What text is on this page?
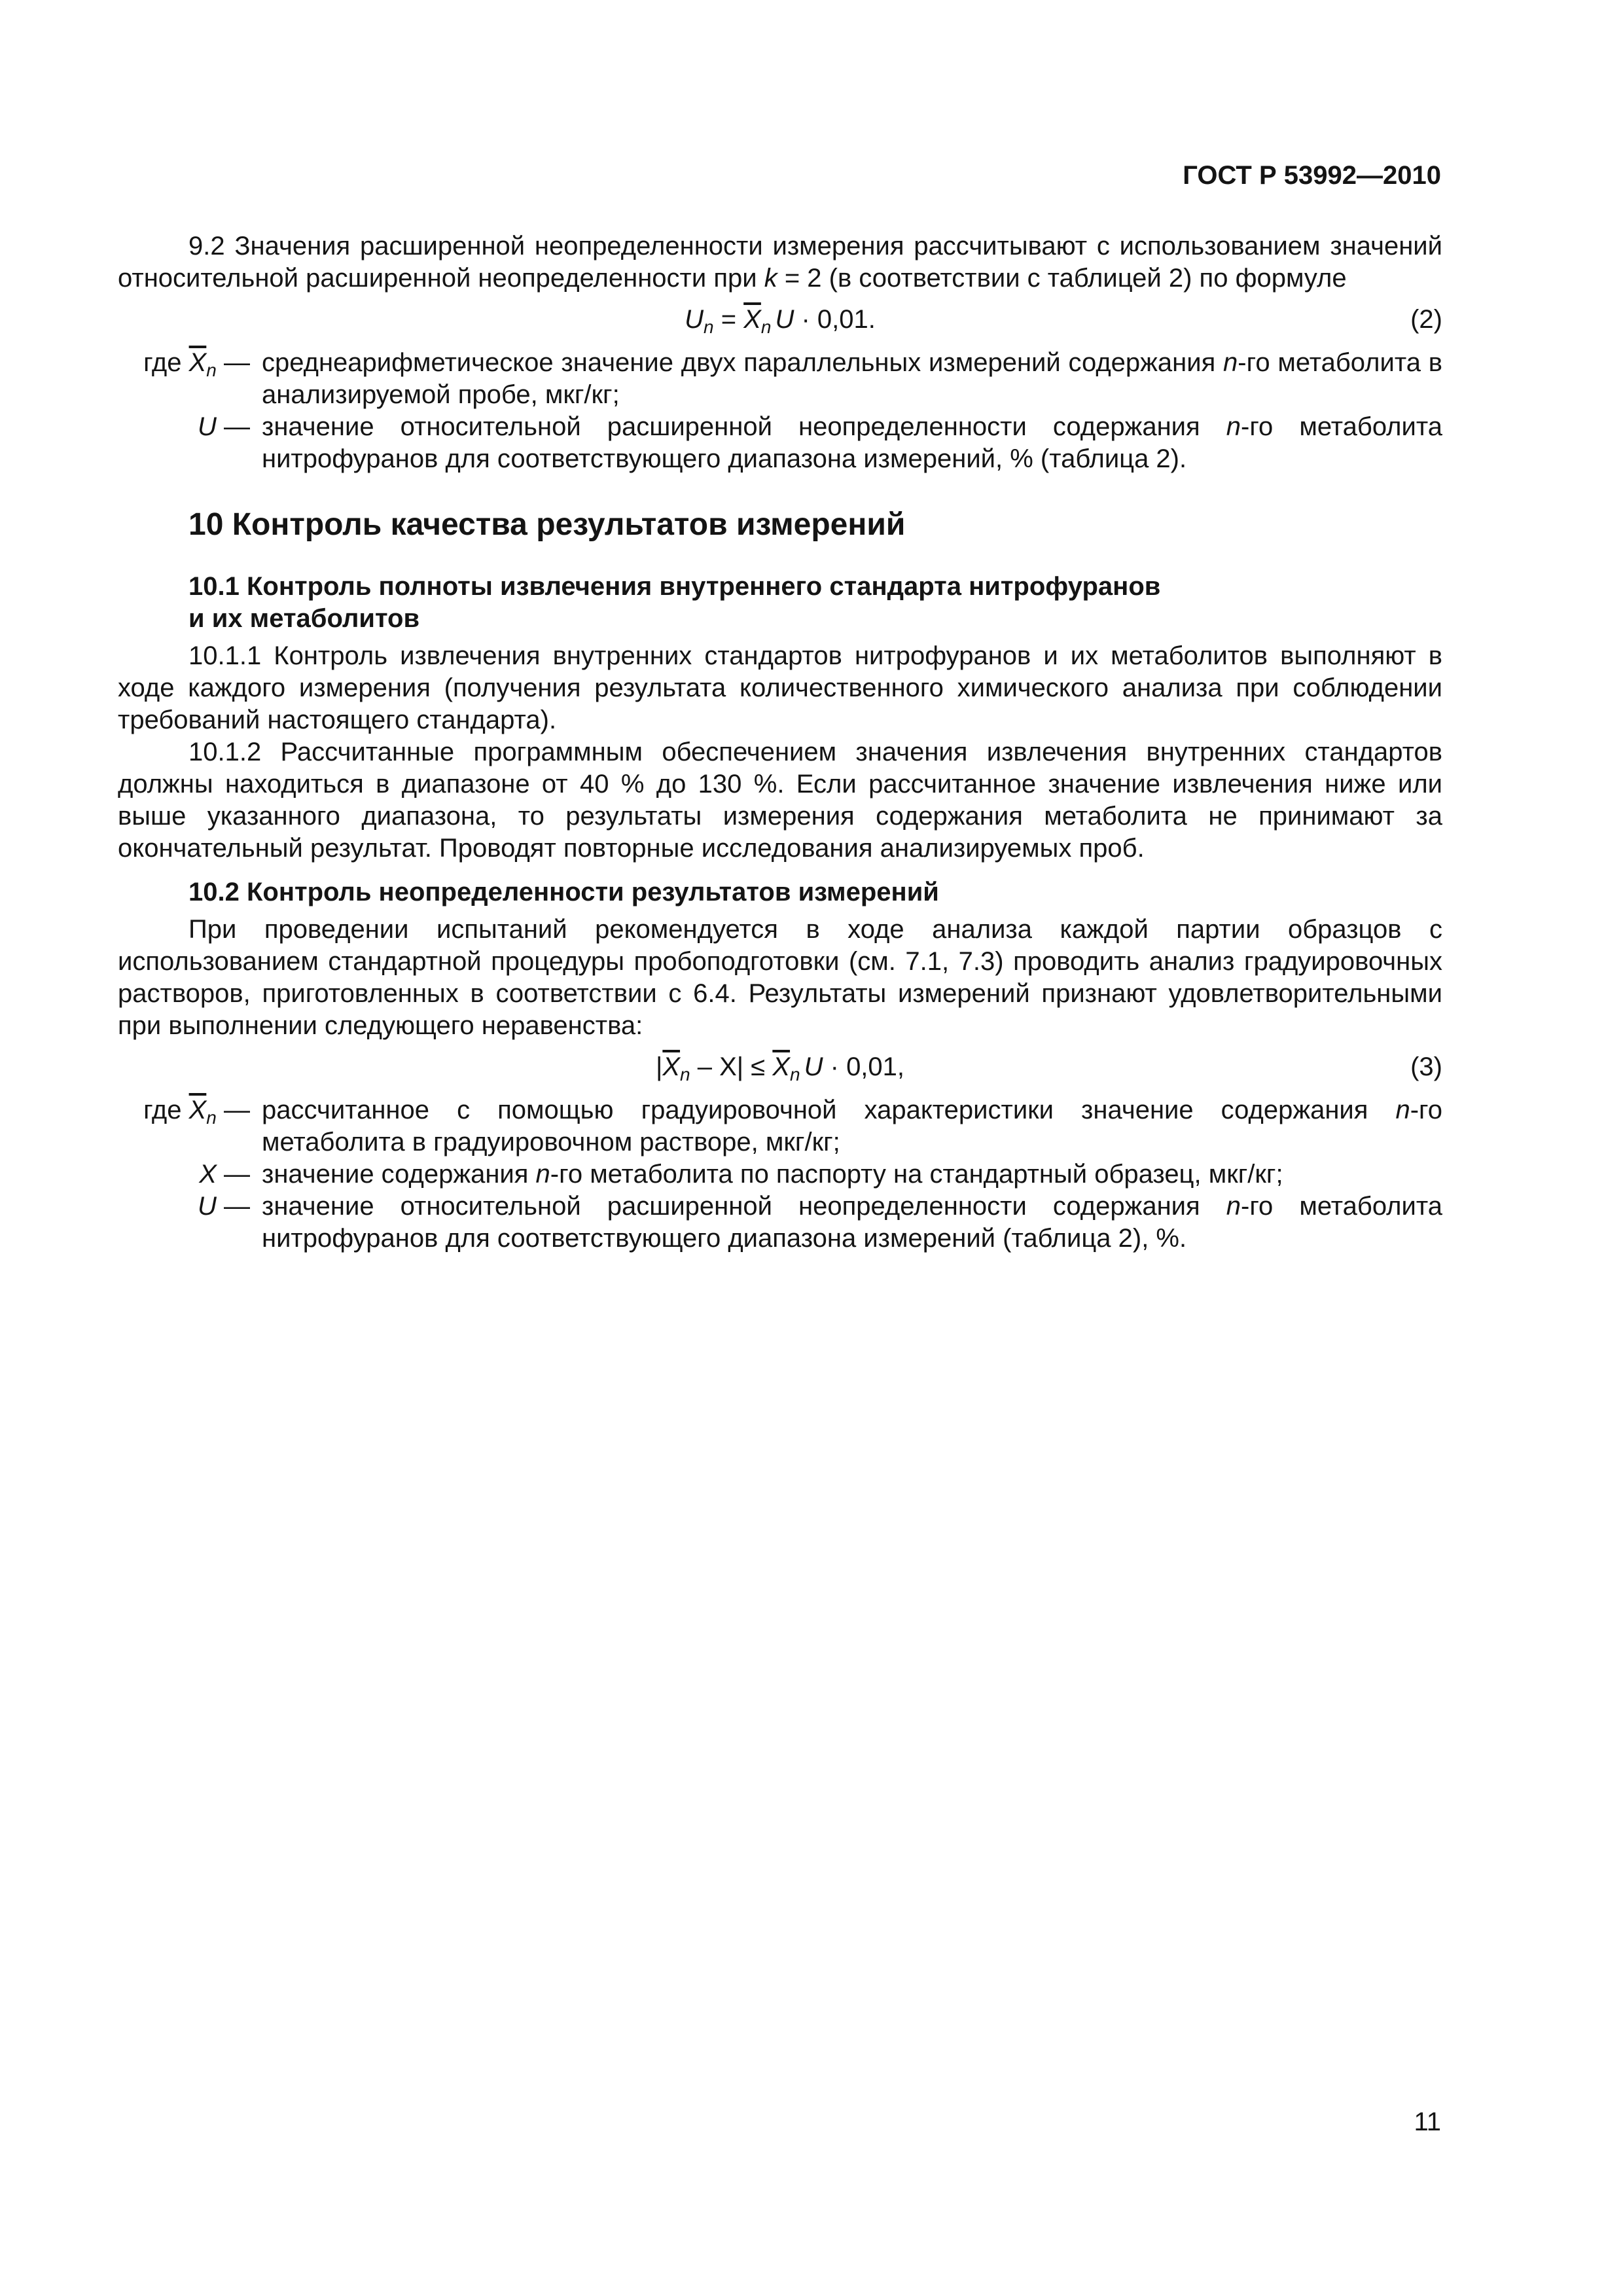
ГОСТ Р 53992—2010

9.2 Значения расширенной неопределенности измерения рассчитывают с использованием значений относительной расширенной неопределенности при k = 2 (в соответствии с таблицей 2) по формуле

$U_n = \overline{X}_n$ U · 0,01.	(2)
где $\overline{X}_n$ — среднеарифметическое значение двух параллельных измерений содержания n-го метаболита в анализируемой пробе, мкг/кг;
U — значение относительной расширенной неопределенности содержания n-го метаболита нитрофуранов для соответствующего диапазона измерений, % (таблица 2).
10 Контроль качества результатов измерений
10.1 Контроль полноты извлечения внутреннего стандарта нитрофуранов
и их метаболитов

10.1.1 Контроль извлечения внутренних стандартов нитрофуранов и их метаболитов выполняют в ходе каждого измерения (получения результата количественного химического анализа при соблюдении требований настоящего стандарта).

10.1.2 Рассчитанные программным обеспечением значения извлечения внутренних стандартов должны находиться в диапазоне от 40 % до 130 %. Если рассчитанное значение извлечения ниже или выше указанного диапазона, то результаты измерения содержания метаболита не принимают за окончательный результат. Проводят повторные исследования анализируемых проб.

10.2 Контроль неопределенности результатов измерений

При проведении испытаний рекомендуется в ходе анализа каждой партии образцов с использованием стандартной процедуры пробоподготовки (см. 7.1, 7.3) проводить анализ градуировочных растворов, приготовленных в соответствии с 6.4. Результаты измерений признают удовлетворительными при выполнении следующего неравенства:

$|\overline{X}_n - X| \le \overline{X}_n$ U · 0,01,	(3)
где $\overline{X}_n$ — рассчитанное с помощью градуировочной характеристики значение содержания n-го метаболита в градуировочном растворе, мкг/кг;
X — значение содержания n-го метаболита по паспорту на стандартный образец, мкг/кг;
U — значение относительной расширенной неопределенности содержания n-го метаболита нитрофуранов для соответствующего диапазона измерений (таблица 2), %.
11
